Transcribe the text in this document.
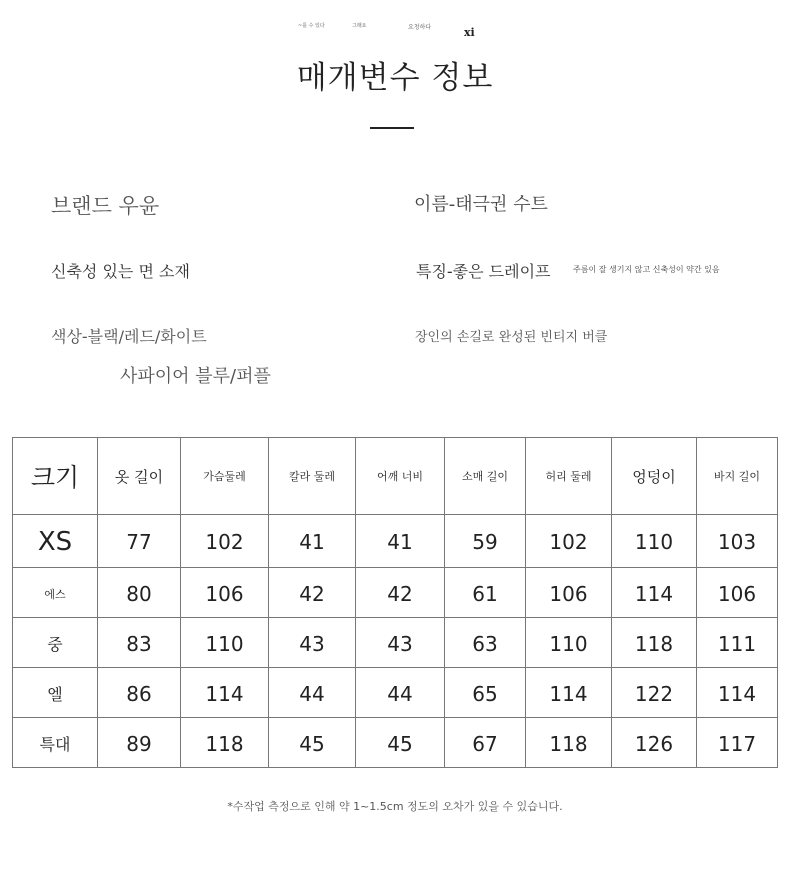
~를 수 있다	그래요	요청하다	xi
매개변수 정보
브랜드 우윤	이름-태극권 수트
신축성 있는 면 소재	특징-좋은 드레이프	주름이 잘 생기지 않고 신축성이 약간 있음
색상-블랙/레드/화이트	장인의 손길로 완성된 빈티지 버클
사파이어 블루/퍼플
크기	옷 길이	가슴둘레	칼라 둘레	어깨 너비	소매 길이	허리 둘레	엉덩이	바지 길이
XS	77	102	41	41	59	102	110	103
에스	80	106	42	42	61	106	114	106
중	83	110	43	43	63	110	118	111
엘	86	114	44	44	65	114	122	114
특대	89	118	45	45	67	118	126	117
*수작업 측정으로 인해 약 1~1.5cm 정도의 오차가 있을 수 있습니다.
